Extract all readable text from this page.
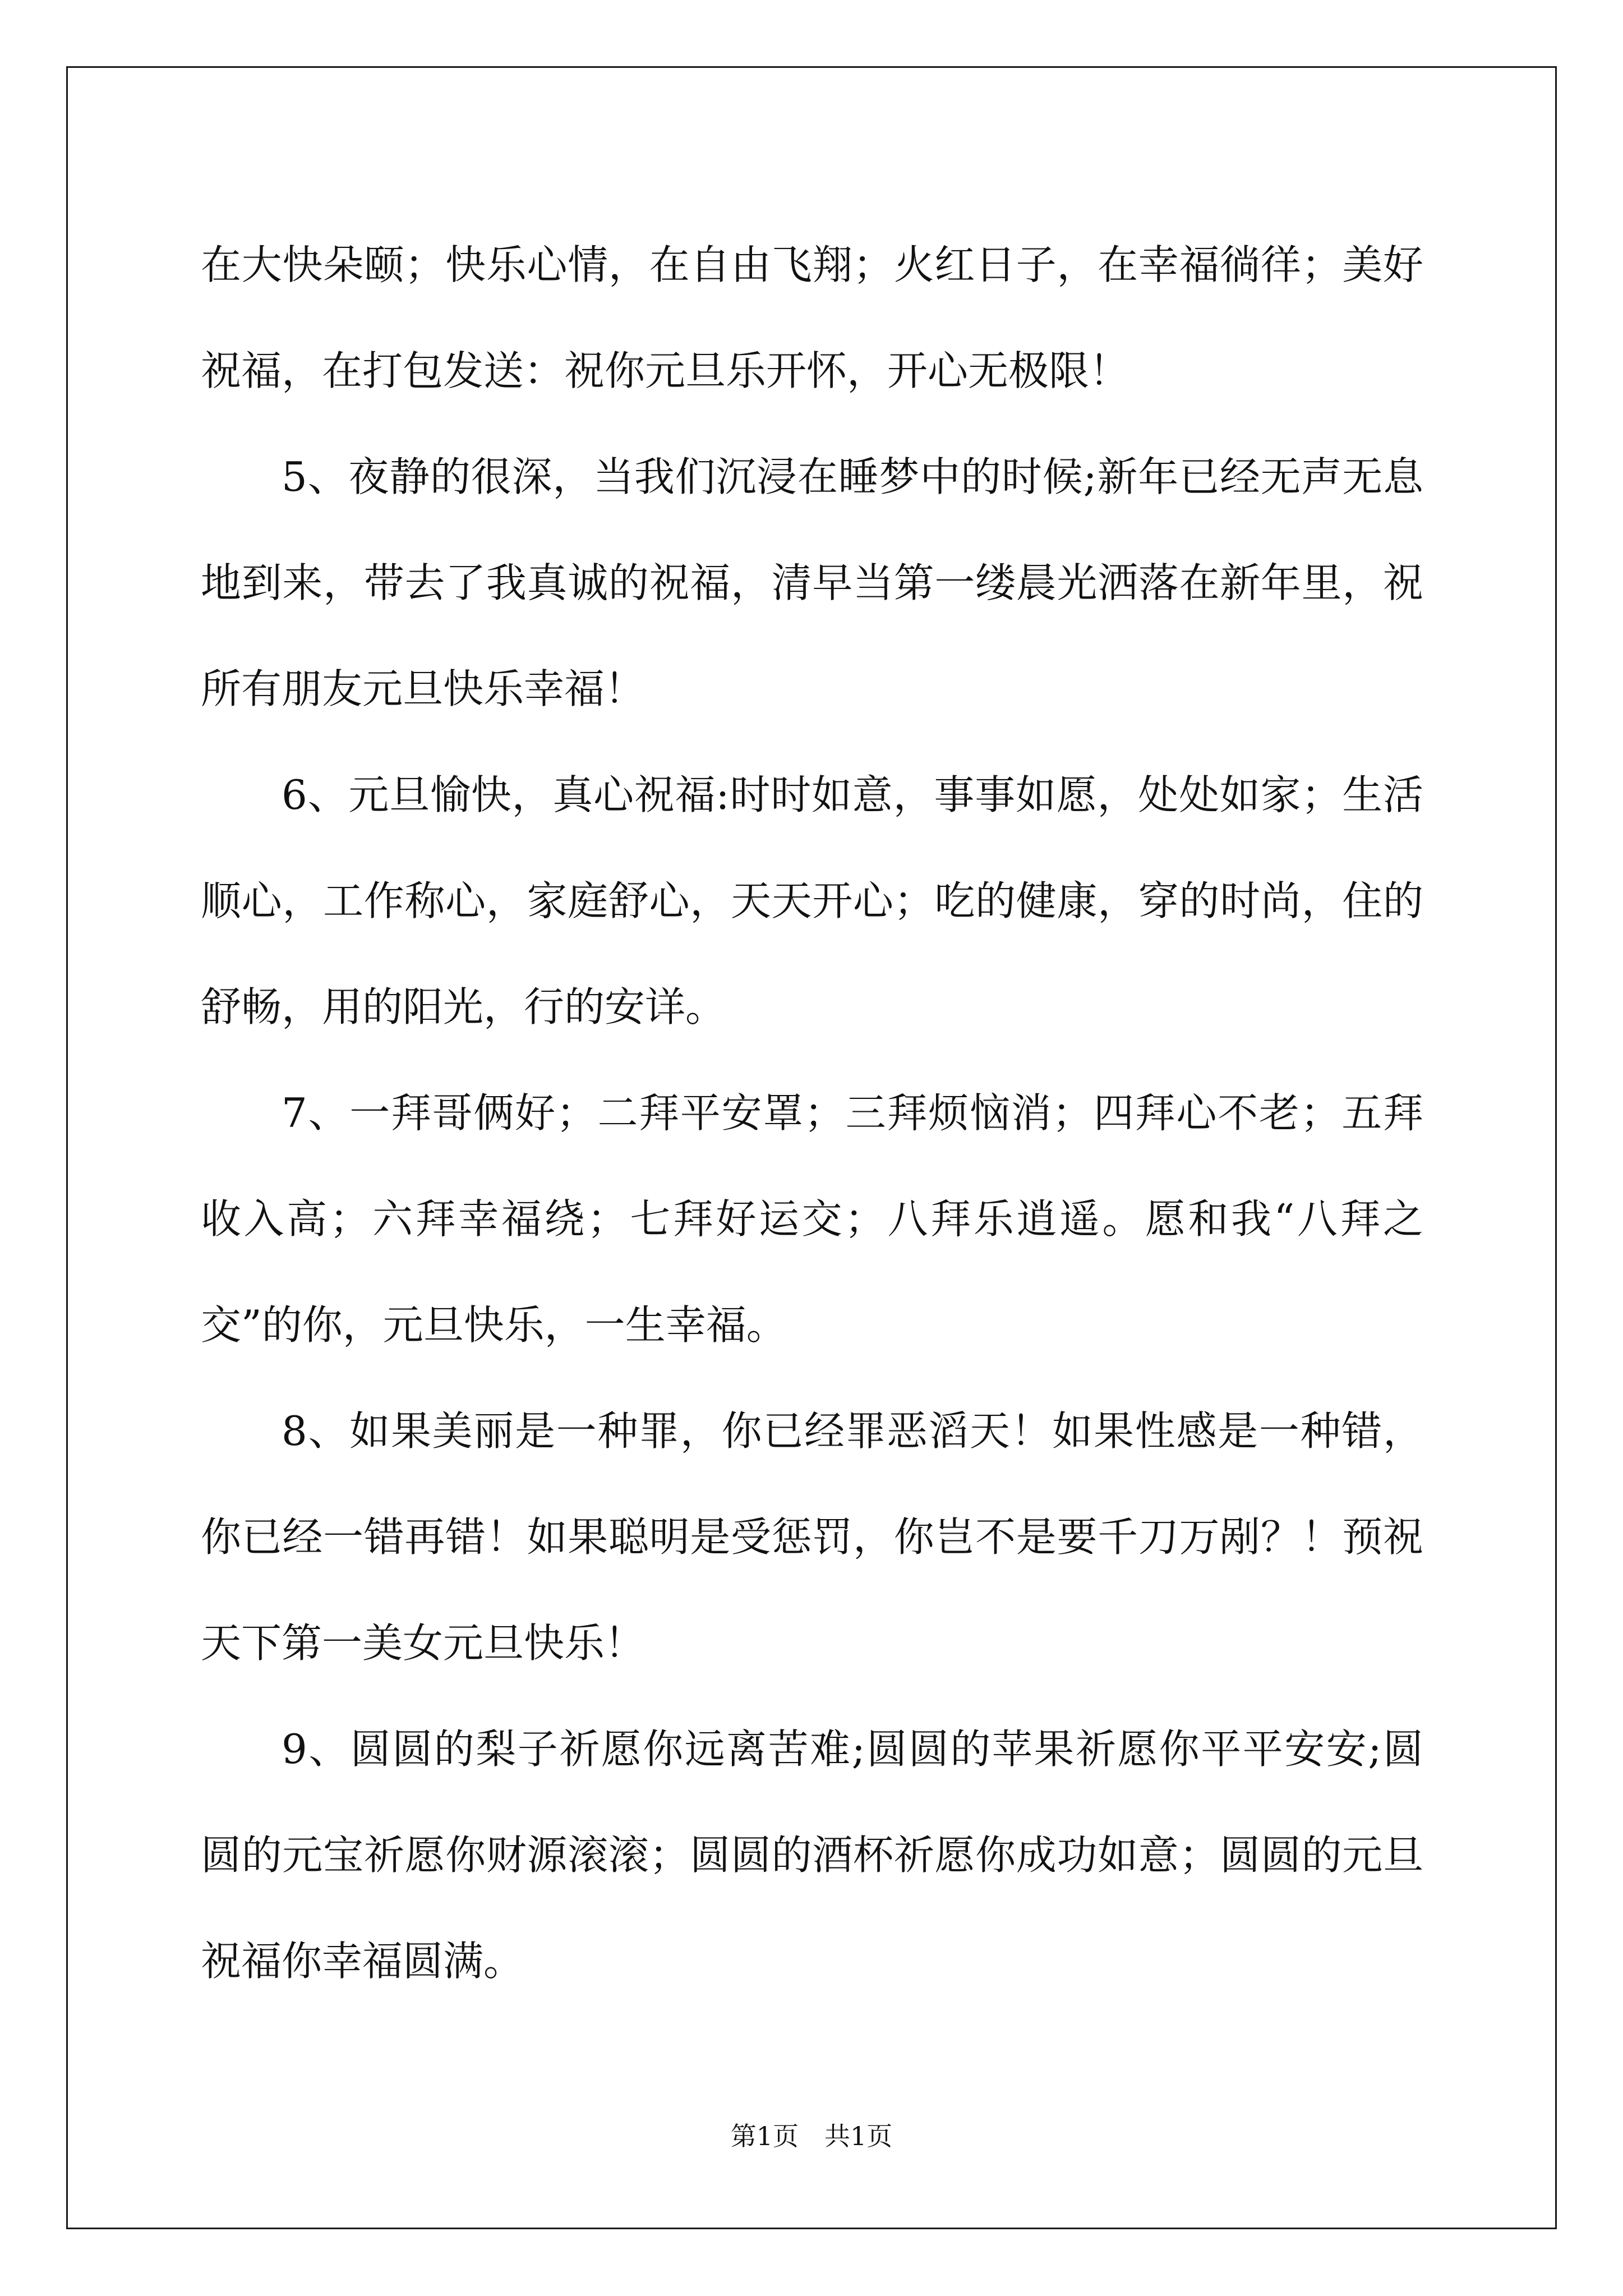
在大快朵颐；快乐心情，在自由飞翔；火红日子，在幸福徜徉；美好祝福，在打包发送：祝你元旦乐开怀，开心无极限！

5、夜静的很深，当我们沉浸在睡梦中的时候;新年已经无声无息地到来，带去了我真诚的祝福，清早当第一缕晨光洒落在新年里，祝所有朋友元旦快乐幸福！

6、元旦愉快，真心祝福:时时如意，事事如愿，处处如家；生活顺心，工作称心，家庭舒心，天天开心；吃的健康，穿的时尚，住的舒畅，用的阳光，行的安详。

7、一拜哥俩好；二拜平安罩；三拜烦恼消；四拜心不老；五拜收入高；六拜幸福绕；七拜好运交；八拜乐逍遥。愿和我“八拜之交”的你，元旦快乐，一生幸福。

8、如果美丽是一种罪，你已经罪恶滔天！如果性感是一种错，你已经一错再错！如果聪明是受惩罚，你岂不是要千刀万剐？！预祝天下第一美女元旦快乐！

9、圆圆的梨子祈愿你远离苦难;圆圆的苹果祈愿你平平安安;圆圆的元宝祈愿你财源滚滚；圆圆的酒杯祈愿你成功如意；圆圆的元旦祝福你幸福圆满。

第1页　共1页
